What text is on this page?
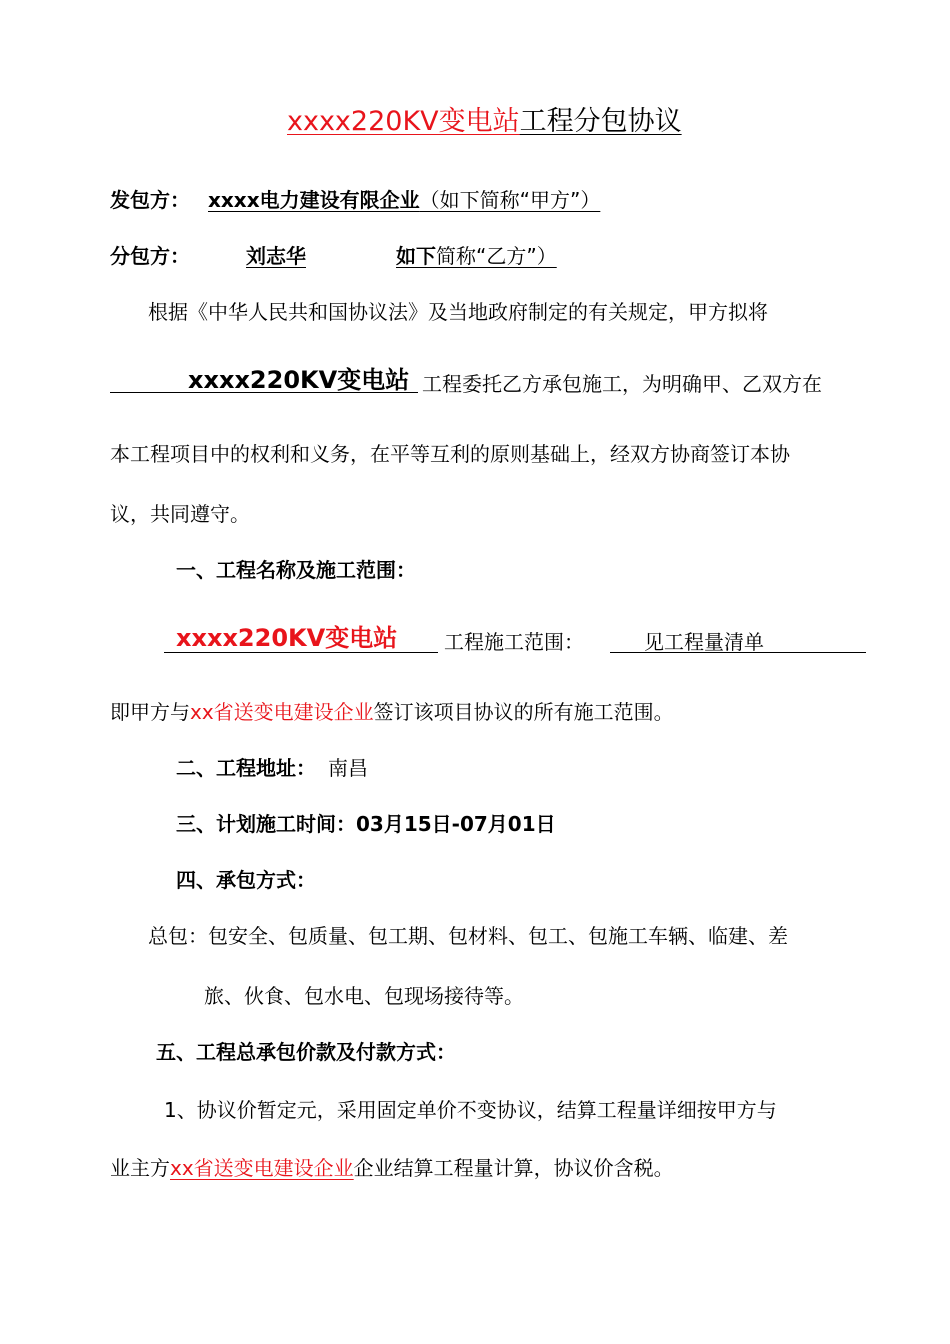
xxxx220KV变电站工程分包协议
发包方： xxxx电力建设有限企业（如下简称“甲方”）
分包方：	刘志华	如下简称“乙方”）
根据《中华人民共和国协议法》及当地政府制定的有关规定，甲方拟将
xxxx220KV变电站 工程委托乙方承包施工，为明确甲、乙双方在
本工程项目中的权利和义务，在平等互利的原则基础上，经双方协商签订本协
议，共同遵守。
一、工程名称及施工范围：
xxxx220KV变电站 工程施工范围：	见工程量清单
即甲方与xx省送变电建设企业签订该项目协议的所有施工范围。
二、工程地址： 南昌
三、计划施工时间：03月15日-07月01日
四、承包方式：
总包：包安全、包质量、包工期、包材料、包工、包施工车辆、临建、差
旅、伙食、包水电、包现场接待等。
五、工程总承包价款及付款方式：
1、协议价暂定元，采用固定单价不变协议，结算工程量详细按甲方与
业主方xx省送变电建设企业企业结算工程量计算，协议价含税。
